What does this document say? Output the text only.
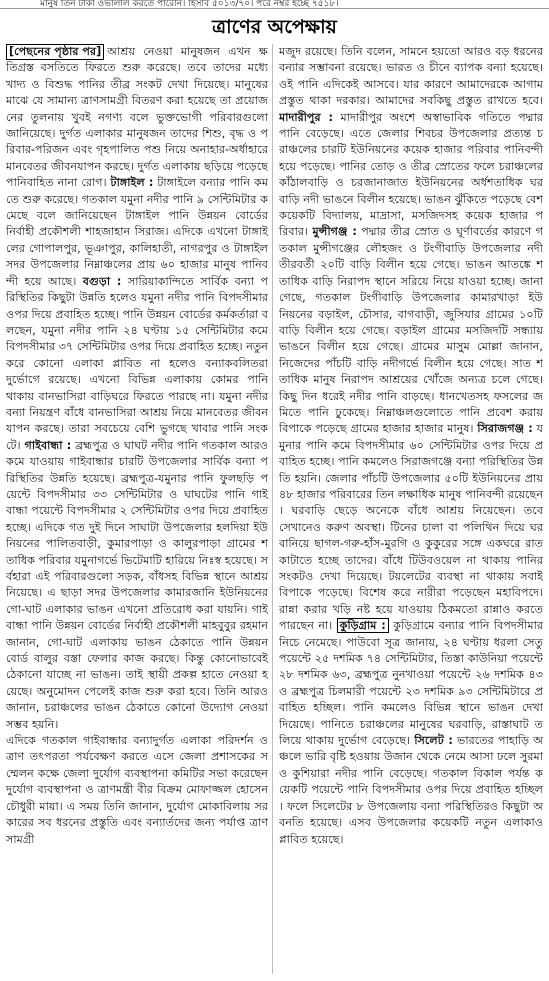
মানুষ তিন টাকা ওভালাল করতে পারেনি। হিসাব ৫০১৩/৭০। পরে নম্বর হচ্ছে ৭৫১৮।
ত্রাণের অপেক্ষায়

[পেছনের পৃষ্ঠার পর] আশ্রয় নেওয়া মানুষজন এখন ক্ষতিগ্রস্ত বসতিতে ফিরতে শুরু করেছে। তবে তাদের মধ্যে খাদ্য ও বিশুদ্ধ পানির তীব্র সংকট দেখা দিয়েছে। মানুষের মাঝে যে সামান্য ত্রাণসামগ্রী বিতরণ করা হয়েছে তা প্রয়োজনের তুলনায় খুবই নগণ্য বলে ভুক্তভোগী পরিবারগুলো জানিয়েছে। দুর্গত এলাকার মানুষজন তাদের শিশু, বৃদ্ধ ও পরিবার-পরিজন এবং গৃহপালিত পশু নিয়ে অনাহার-অর্ধাহারে মানবেতর জীবনযাপন করছে। দুর্গত এলাকায় ছড়িয়ে পড়েছে পানিবাহিত নানা রোগ। টাঙ্গাইল : টাঙ্গাইলে বন্যার পানি কমতে শুরু করেছে। গতকাল যমুনা নদীর পানি ৯ সেন্টিমিটার কমেছে বলে জানিয়েছেন টাঙ্গাইল পানি উন্নয়ন বোর্ডের নির্বাহী প্রকৌশলী শাহজাহান সিরাজ। এদিকে এখনো টাঙ্গাইলের গোপালপুর, ভূঞাপুর, কালিহাতী, নাগরপুর ও টাঙ্গাইল সদর উপজেলার নিম্নাঞ্চলের প্রায় ৬০ হাজার মানুষ পানিবন্দী হয়ে আছে। বগুড়া : সারিয়াকান্দিতে সার্বিক বন্যা পরিস্থিতির কিছুটা উন্নতি হলেও যমুনা নদীর পানি বিপদসীমার ওপর দিয়ে প্রবাহিত হচ্ছে। পানি উন্নয়ন বোর্ডের কর্মকর্তারা বলছেন, যমুনা নদীর পানি ২৪ ঘণ্টায় ১৫ সেন্টিমিটার কমে বিপদসীমার ৩৭ সেন্টিমিটার ওপর দিয়ে প্রবাহিত হচ্ছে। নতুন করে কোনো এলাকা প্লাবিত না হলেও বন্যাকবলিতরা দুর্ভোগে রয়েছে। এখনো বিভিন্ন এলাকায় কোমর পানি থাকায় বানভাসিরা বাড়িঘরে ফিরতে পারছে না। যমুনা নদীর বন্যা নিয়ন্ত্রণ বাঁধে বানভাসিরা আশ্রয় নিয়ে মানবেতর জীবনযাপন করছে। তারা সবচেয়ে বেশি ভুগছে খাবার পানি সংকটে। গাইবান্ধা : ব্রহ্মপুত্র ও ঘাঘট নদীর পানি গতকাল আরও কমে যাওয়ায় গাইবান্ধার চারটি উপজেলার সার্বিক বন্যা পরিস্থিতির উন্নতি হয়েছে। ব্রহ্মপুত্র-যমুনার পানি ফুলছড়ি পয়েন্টে বিপদসীমার ৩৩ সেন্টিমিটার ও ঘাঘটের পানি গাইবান্ধা পয়েন্টে বিপদসীমার ২ সেন্টিমিটার ওপর দিয়ে প্রবাহিত হচ্ছে। এদিকে গত দুই দিনে সাঘাটা উপজেলার হলদিয়া ইউনিয়নের পালিতবাড়ী, কুমারপাড়া ও কালুরপাড়া গ্রামের শতাধিক পরিবার যমুনাগর্ভে ভিটেমাটি হারিয়ে নিঃস্ব হয়েছে। সর্বহারা এই পরিবারগুলো সড়ক, বাঁধসহ বিভিন্ন স্থানে আশ্রয় নিয়েছে। এ ছাড়া সদর উপজেলার কামারজানি ইউনিয়নের গো-ঘাট এলাকার ভাঙন এখনো প্রতিরোধ করা যায়নি। গাইবান্ধা পানি উন্নয়ন বোর্ডের নির্বাহী প্রকৌশলী মাহবুবুর রহমান জানান, গো-ঘাট এলাকায় ভাঙন ঠেকাতে পানি উন্নয়ন বোর্ড বালুর বস্তা ফেলার কাজ করছে। কিন্তু কোনোভাবেই ঠেকানো যাচ্ছে না ভাঙন। তাই স্থায়ী প্রকল্প হাতে নেওয়া হয়েছে। অনুমোদন পেলেই কাজ শুরু করা হবে। তিনি আরও জানান, চরাঞ্চলের ভাঙন ঠেকাতে কোনো উদ্যোগ নেওয়া সম্ভব হয়নি।

এদিকে গতকাল গাইবান্ধার বন্যাদুর্গত এলাকা পরিদর্শন ও ত্রাণ তৎপরতা পর্যবেক্ষণ করতে এসে জেলা প্রশাসকের সম্মেলন কক্ষে জেলা দুর্যোগ ব্যবস্থাপনা কমিটির সভা করেছেন দুর্যোগ ব্যবস্থাপনা ও ত্রাণমন্ত্রী বীর বিক্রম মোফাজ্জল হোসেন চৌধুরী মায়া। এ সময় তিনি জানান, দুর্যোগ মোকাবিলায় সরকারের সব ধরনের প্রস্তুতি এবং বন্যার্তদের জন্য পর্যাপ্ত ত্রাণসামগ্রী

মজুদ রয়েছে। তিনি বলেন, সামনে হয়তো আরও বড় ধরনের বন্যার সম্ভাবনা রয়েছে। ভারত ও চীনে ব্যাপক বন্যা হয়েছে। ওই পানি এদিকেই আসবে। যার কারণে আমাদেরকে আগাম প্রস্তুত থাকা দরকার। আমাদের সবকিছু প্রস্তুত রাখতে হবে। মাদারীপুর : মাদারীপুর অংশে অস্বাভাবিক গতিতে পদ্মার পানি বেড়েছে। এতে জেলার শিবচর উপজেলার প্রত্যন্ত চরাঞ্চলের চারটি ইউনিয়নের কয়েক হাজার পরিবার পানিবন্দী হয়ে পড়েছে। পানির তোড় ও তীব্র স্রোতের ফলে চরাঞ্চলের কাঁঠালবাড়ি ও চরজানাজাত ইউনিয়নের অর্ধশতাধিক ঘরবাড়ি নদী ভাঙনে বিলীন হয়েছে। ভাঙন ঝুঁকিতে পড়েছে বেশ কয়েকটি বিদ্যালয়, মাদ্রাসা, মসজিদসহ কয়েক হাজার পরিবার। মুন্সীগঞ্জ : পদ্মার তীব্র স্রোত ও ঘূর্ণাবর্তের কারণে গতকাল মুন্সীগঞ্জের লৌহজং ও টংগীবাড়ি উপজেলার নদী তীরবর্তী ২০টি বাড়ি বিলীন হয়ে গেছে। ভাঙন আতঙ্কে শতাধিক বাড়ি নিরাপদ স্থানে সরিয়ে নিয়ে যাওয়া হচ্ছে। জানা গেছে, গতকাল টংগীবাড়ি উপজেলার কামারখাড়া ইউনিয়নের বড়াইল, চৌসার, বাগবাড়ী, জুসিযার গ্রামের ১০টি বাড়ি বিলীন হয়ে গেছে। বড়াইল গ্রামের মসজিদটি সন্ধ্যায় ভাঙনে বিলীন হয়ে গেছে। গ্রামের মাসুম মোল্লা জানান, নিজেদের পাঁচটি বাড়ি নদীগর্ভে বিলীন হয়ে গেছে। সাত শতাধিক মানুষ নিরাপদ আশ্রয়ের খোঁজে অন্যত্র চলে গেছে। কিছু দিন ধরেই নদীর পানি বাড়ছে। ধানখেতসহ ফসলের জমিতে পানি ঢুকেছে। নিম্নাঞ্চলগুলোতে পানি প্রবেশ করায় বিপাকে পড়েছে গ্রামের হাজার হাজার মানুষ। সিরাজগঞ্জ : যমুনার পানি কমে বিপদসীমার ৬০ সেন্টিমিটার ওপর দিয়ে প্রবাহিত হচ্ছে। পানি কমলেও সিরাজগঞ্জে বন্যা পরিস্থিতির উন্নতি হয়নি। জেলার পাঁচটি উপজেলার ৫০টি ইউনিয়নের প্রায় ৪৮ হাজার পরিবারের তিন লক্ষাধিক মানুষ পানিবন্দী রয়েছেন। ঘরবাড়ি ছেড়ে অনেকে বাঁধে আশ্রয় নিয়েছেন। তবে সেখানেও করুণ অবস্থা। টিনের চালা বা পলিথিন দিয়ে ঘর বানিয়ে ছাগল-গরু-হাঁস-মুরগি ও কুকুরের সঙ্গে একঘরে রাত কাটাতে হচ্ছে তাদের। বাঁধে টিউবওয়েল না থাকায় পানির সংকটও দেখা দিয়েছে। টয়লেটের ব্যবস্থা না থাকায় সবাই বিপাকে পড়েছে। বিশেষ করে নারীরা পড়েছেন মহাবিপদে। রান্না করার খড়ি নষ্ট হয়ে যাওয়ায় ঠিকমতো রান্নাও করতে পারছেন না। কুড়িগ্রাম : কুড়িগ্রামে বন্যার পানি বিপদসীমার নিচে নেমেছে। পাউবো সূত্র জানায়, ২৪ ঘণ্টায় ধরলা সেতু পয়েন্টে ২৫ দশমিক ৭৪ সেন্টিমিটার, তিস্তা কাউনিয়া পয়েন্টে ২৮ দশমিক ৬৩, ব্রহ্মপুত্র নুনখাওয়া পয়েন্টে ২৬ দশমিক ৪৩ ও ব্রহ্মপুত্র চিলমারী পয়েন্টে ২৩ দশমিক ৯৩ সেন্টিমিটারে প্রবাহিত হচ্ছিল। পানি কমলেও বিভিন্ন স্থানে ভাঙন দেখা দিয়েছে। পানিতে চরাঞ্চলের মানুষের ঘরবাড়ি, রাস্তাঘাট তলিয়ে থাকায় দুর্ভোগ বেড়েছে। সিলেট : ভারতের পাহাড়ি অঞ্চলে ভারি বৃষ্টি হওয়ায় উজান থেকে নেমে আসা ঢলে সুরমা ও কুশিয়ারা নদীর পানি বেড়েছে। গতকাল বিকাল পর্যন্ত কয়েকটি পয়েন্টে পানি বিপদসীমার ওপর দিয়ে প্রবাহিত হচ্ছিল। ফলে সিলেটের ৮ উপজেলায় বন্যা পরিস্থিতিরও কিছুটা অবনতি হয়েছে। এসব উপজেলার কয়েকটি নতুন এলাকাও প্লাবিত হয়েছে।
